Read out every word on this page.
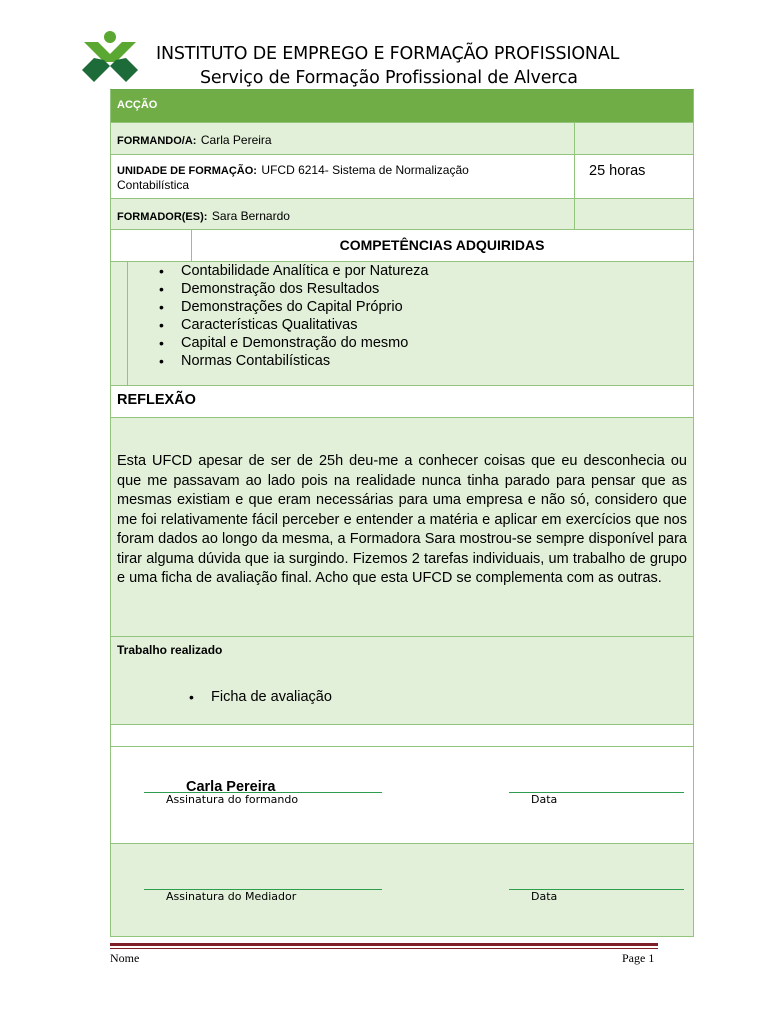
INSTITUTO DE EMPREGO E FORMAÇÃO PROFISSIONAL
Serviço de Formação Profissional de Alverca
ACÇÃO
FORMANDO/A: Carla Pereira
UNIDADE DE FORMAÇÃO: UFCD 6214- Sistema de Normalização Contabilística
25 horas
FORMADOR(ES): Sara Bernardo
COMPETÊNCIAS ADQUIRIDAS
• Contabilidade Analítica e por Natureza
• Demonstração dos Resultados
• Demonstrações do Capital Próprio
• Características Qualitativas
• Capital e Demonstração do mesmo
• Normas Contabilísticas
REFLEXÃO
Esta UFCD apesar de ser de 25h deu-me a conhecer coisas que eu desconhecia ou que me passavam ao lado pois na realidade nunca tinha parado para pensar que as mesmas existiam e que eram necessárias para uma empresa e não só, considero que me foi relativamente fácil perceber e entender a matéria e aplicar em exercícios que nos foram dados ao longo da mesma, a Formadora Sara mostrou-se sempre disponível para tirar alguma dúvida que ia surgindo. Fizemos 2 tarefas individuais, um trabalho de grupo e uma ficha de avaliação final. Acho que esta UFCD se complementa com as outras.
Trabalho realizado
• Ficha de avaliação
Carla Pereira
Assinatura do formando	Data
Assinatura do Mediador	Data
Nome	Page 1
